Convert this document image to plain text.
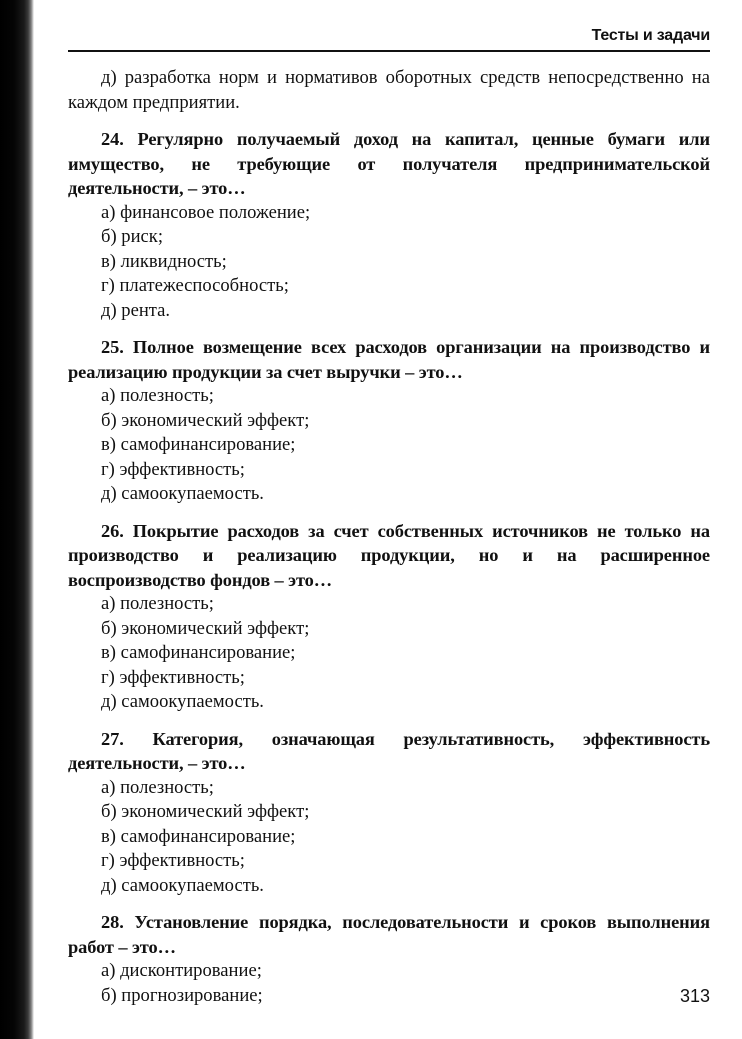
Тесты и задачи

д) разработка норм и нормативов оборотных средств непосредственно на каждом предприятии.

24. Регулярно получаемый доход на капитал, ценные бумаги или имущество, не требующие от получателя предпринимательской деятельности, – это…

а) финансовое положение;
б) риск;
в) ликвидность;
г) платежеспособность;
д) рента.

25. Полное возмещение всех расходов организации на производство и реализацию продукции за счет выручки – это…

а) полезность;
б) экономический эффект;
в) самофинансирование;
г) эффективность;
д) самоокупаемость.

26. Покрытие расходов за счет собственных источников не только на производство и реализацию продукции, но и на расширенное воспроизводство фондов – это…

а) полезность;
б) экономический эффект;
в) самофинансирование;
г) эффективность;
д) самоокупаемость.

27. Категория, означающая результативность, эффективность деятельности, – это…

а) полезность;
б) экономический эффект;
в) самофинансирование;
г) эффективность;
д) самоокупаемость.

28. Установление порядка, последовательности и сроков выполнения работ – это…

а) дисконтирование;
б) прогнозирование;	313
